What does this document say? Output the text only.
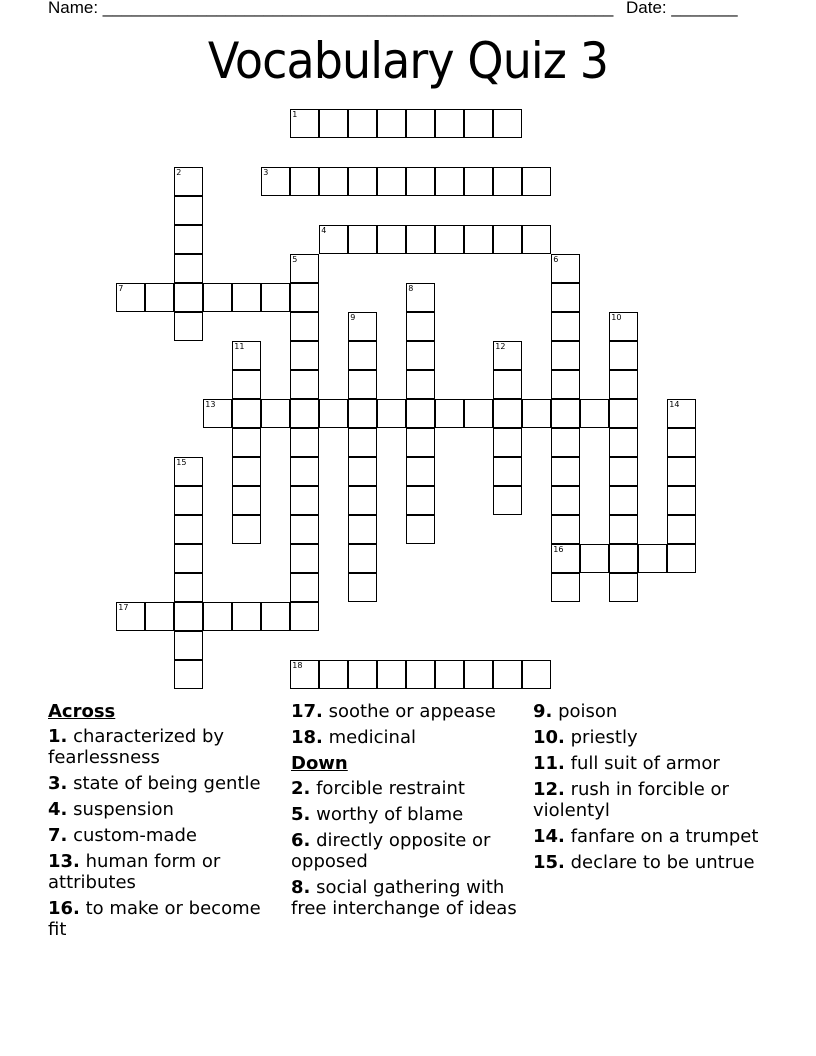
Name: ______________________________________________________ Date: _______
Vocabulary Quiz 3
1
2	3
4
5	6
16
7	8
9	10
11	12
13	14
15
17
18
Across
1. characterized by fearlessness
3. state of being gentle
4. suspension
7. custom-made
13. human form or attributes
16. to make or become fit
17. soothe or appease
18. medicinal
Down
2. forcible restraint
5. worthy of blame
6. directly opposite or opposed
8. social gathering with free interchange of ideas
9. poison
10. priestly
11. full suit of armor
12. rush in forcible or violentyl
14. fanfare on a trumpet
15. declare to be untrue
